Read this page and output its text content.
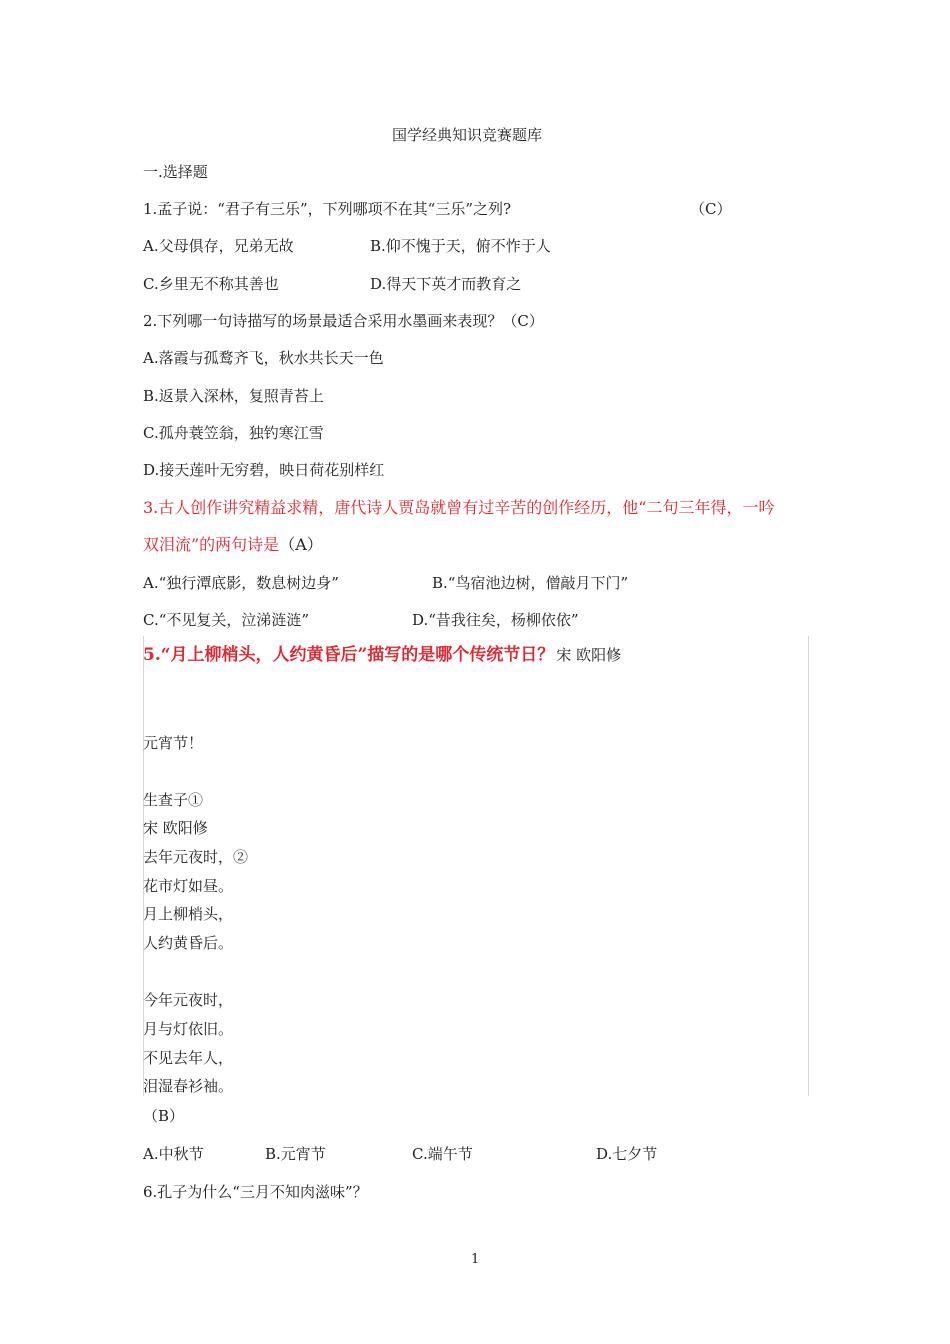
国学经典知识竞赛题库
一.选择题
1.孟子说：“君子有三乐”，下列哪项不在其“三乐”之列?	（C）
A.父母俱存，兄弟无故	B.仰不愧于天，俯不怍于人
C.乡里无不称其善也	D.得天下英才而教育之
2.下列哪一句诗描写的场景最适合采用水墨画来表现？（C）
A.落霞与孤鹜齐飞，秋水共长天一色
B.返景入深林，复照青苔上
C.孤舟蓑笠翁，独钓寒江雪
D.接天莲叶无穷碧，映日荷花别样红
3.古人创作讲究精益求精，唐代诗人贾岛就曾有过辛苦的创作经历，他“二句三年得，一吟
双泪流”的两句诗是（A）
A.“独行潭底影，数息树边身”	B.“鸟宿池边树，僧敲月下门”
C.“不见复关，泣涕涟涟”	D.“昔我往矣，杨柳依依”
5.“月上柳梢头，人约黄昏后”描写的是哪个传统节日？ 宋 欧阳修
元宵节！
生查子①
宋 欧阳修
去年元夜时，②
花市灯如昼。
月上柳梢头，
人约黄昏后。
今年元夜时，
月与灯依旧。
不见去年人，
泪湿春衫袖。
（B）
A.中秋节	B.元宵节	C.端午节	D.七夕节
6.孔子为什么“三月不知肉滋味”？
1
